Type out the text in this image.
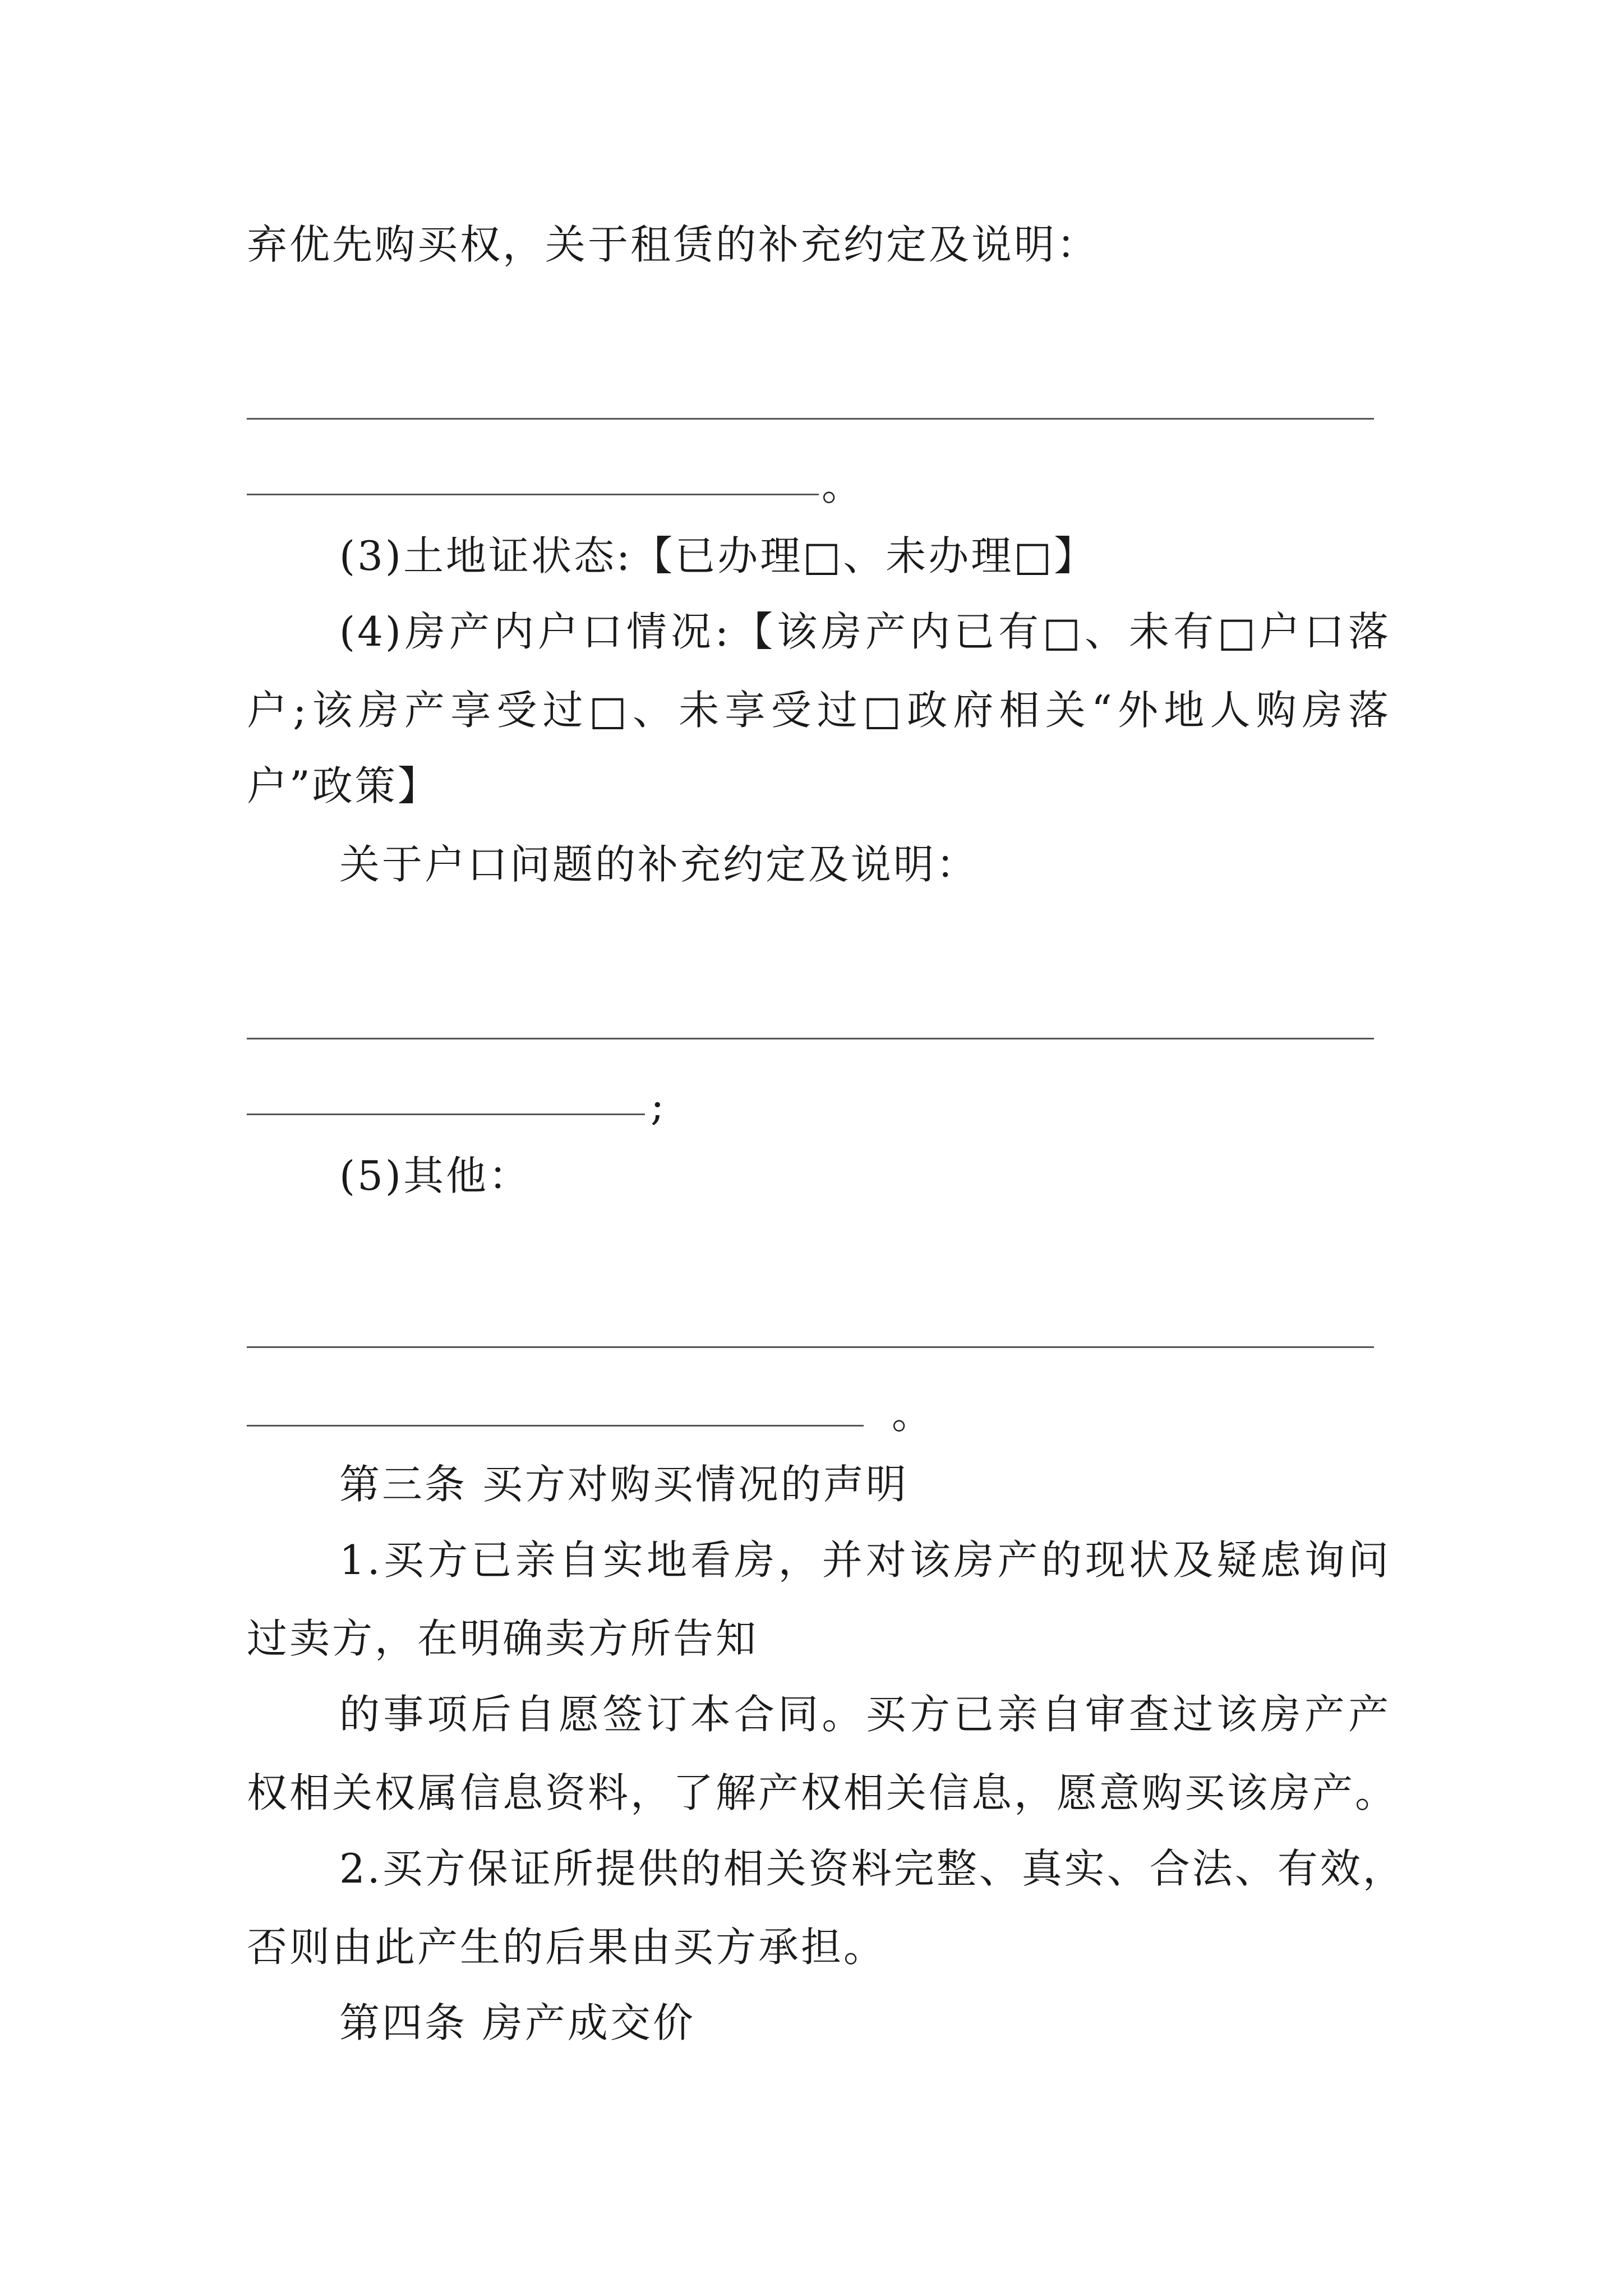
弃优先购买权，关于租赁的补充约定及说明：
。
(3)土地证状态:【已办理□、未办理□】
(4)房产内户口情况:【该房产内已有□、未有□户口落
户;该房产享受过□、未享受过□政府相关“外地人购房落
户”政策】
关于户口问题的补充约定及说明：
;
(5)其他：
。
第三条 买方对购买情况的声明
1.买方已亲自实地看房，并对该房产的现状及疑虑询问
过卖方，在明确卖方所告知
的事项后自愿签订本合同。买方已亲自审查过该房产产
权相关权属信息资料，了解产权相关信息，愿意购买该房产。
2.买方保证所提供的相关资料完整、真实、合法、有效，
否则由此产生的后果由买方承担。
第四条 房产成交价
